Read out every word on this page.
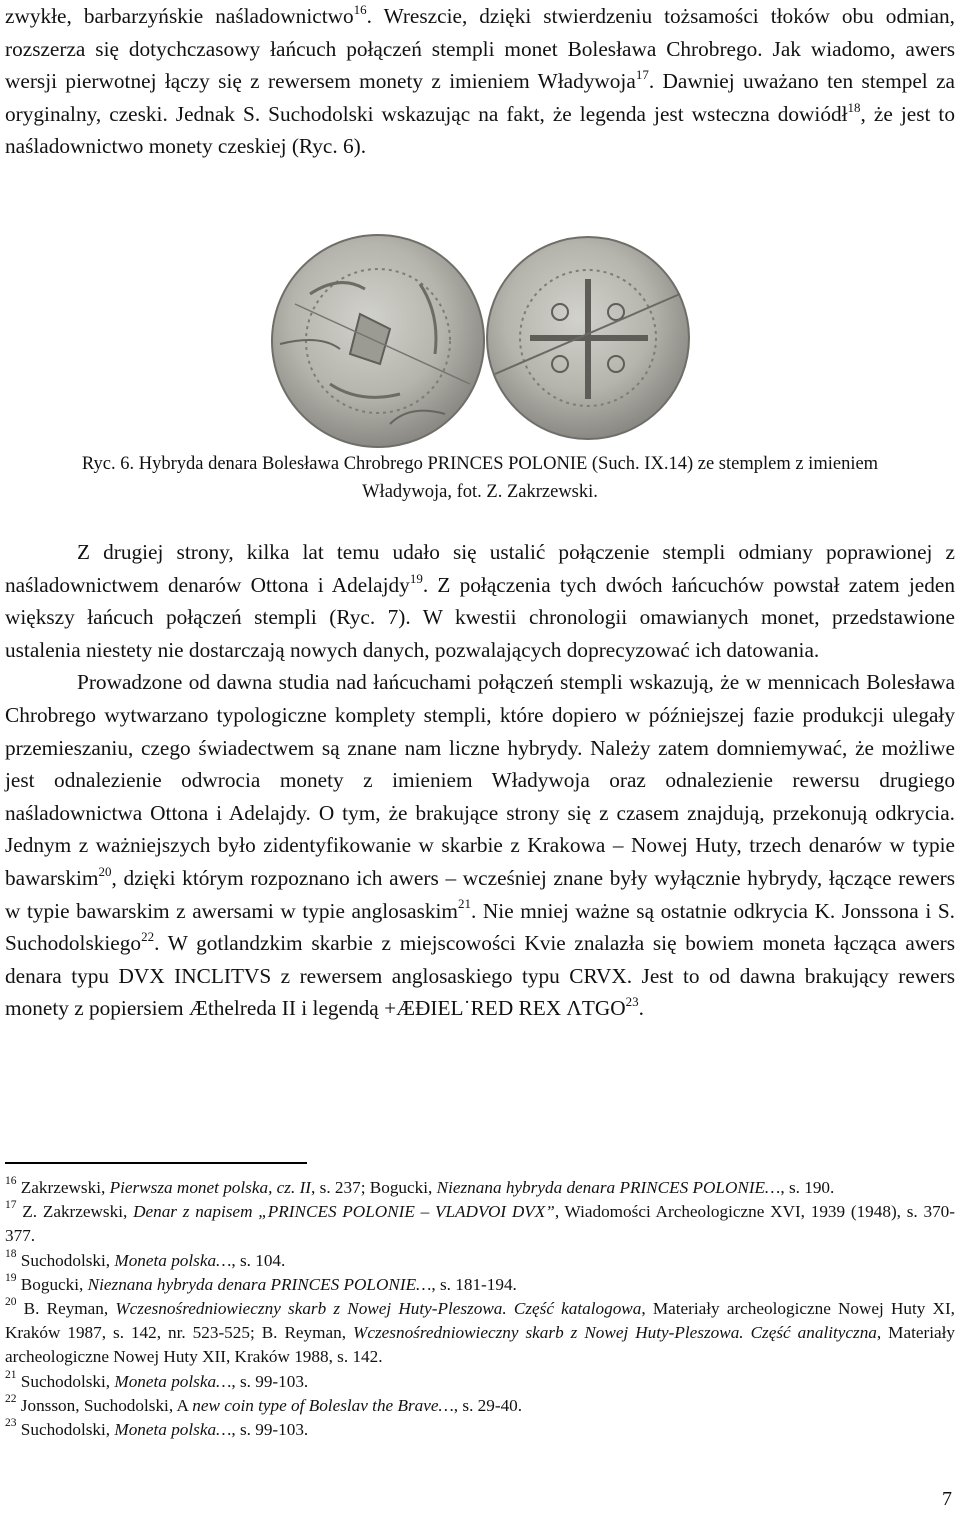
zwykłe, barbarzyńskie naśladownictwo$^{16}$. Wreszcie, dzięki stwierdzeniu tożsamości tłoków obu odmian, rozszerza się dotychczasowy łańcuch połączeń stempli monet Bolesława Chrobrego. Jak wiadomo, awers wersji pierwotnej łączy się z rewersem monety z imieniem Władywoja$^{17}$. Dawniej uważano ten stempel za oryginalny, czeski. Jednak S. Suchodolski wskazując na fakt, że legenda jest wsteczna dowiódł$^{18}$, że jest to naśladownictwo monety czeskiej (Ryc. 6).

Ryc. 6. Hybryda denara Bolesława Chrobrego PRINCES POLONIE (Such. IX.14) ze stemplem z imieniem
Władywoja, fot. Z. Zakrzewski.

Z drugiej strony, kilka lat temu udało się ustalić połączenie stempli odmiany poprawionej z naśladownictwem denarów Ottona i Adelajdy$^{19}$. Z połączenia tych dwóch łańcuchów powstał zatem jeden większy łańcuch połączeń stempli (Ryc. 7). W kwestii chronologii omawianych monet, przedstawione ustalenia niestety nie dostarczają nowych danych, pozwalających doprecyzować ich datowania.

Prowadzone od dawna studia nad łańcuchami połączeń stempli wskazują, że w mennicach Bolesława Chrobrego wytwarzano typologiczne komplety stempli, które dopiero w późniejszej fazie produkcji ulegały przemieszaniu, czego świadectwem są znane nam liczne hybrydy. Należy zatem domniemywać, że możliwe jest odnalezienie odwrocia monety z imieniem Władywoja oraz odnalezienie rewersu drugiego naśladownictwa Ottona i Adelajdy. O tym, że brakujące strony się z czasem znajdują, przekonują odkrycia. Jednym z ważniejszych było zidentyfikowanie w skarbie z Krakowa – Nowej Huty, trzech denarów w typie bawarskim$^{20}$, dzięki którym rozpoznano ich awers – wcześniej znane były wyłącznie hybrydy, łączące rewers w typie bawarskim z awersami w typie anglosaskim$^{21}$. Nie mniej ważne są ostatnie odkrycia K. Jonssona i S. Suchodolskiego$^{22}$. W gotlandzkim skarbie z miejscowości Kvie znalazła się bowiem moneta łącząca awers denara typu DVX INCLITVS z rewersem anglosaskiego typu CRVX. Jest to od dawna brakujący rewers monety z popiersiem Æthelreda II i legendą +ÆÐIEL˙RED REX ΛTGO$^{23}$.

$^{16}$ Zakrzewski, Pierwsza monet polska, cz. II, s. 237; Bogucki, Nieznana hybryda denara PRINCES POLONIE…, s. 190.

$^{17}$ Z. Zakrzewski, Denar z napisem „PRINCES POLONIE – VLADVOI DVX”, Wiadomości Archeologiczne XVI, 1939 (1948), s. 370-377.

$^{18}$ Suchodolski, Moneta polska…, s. 104.

$^{19}$ Bogucki, Nieznana hybryda denara PRINCES POLONIE…, s. 181-194.

$^{20}$ B. Reyman, Wczesnośredniowieczny skarb z Nowej Huty-Pleszowa. Część katalogowa, Materiały archeologiczne Nowej Huty XI, Kraków 1987, s. 142, nr. 523-525; B. Reyman, Wczesnośredniowieczny skarb z Nowej Huty-Pleszowa. Część analityczna, Materiały archeologiczne Nowej Huty XII, Kraków 1988, s. 142.

$^{21}$ Suchodolski, Moneta polska…, s. 99-103.

$^{22}$ Jonsson, Suchodolski, A new coin type of Boleslav the Brave…, s. 29-40.

$^{23}$ Suchodolski, Moneta polska…, s. 99-103.

7
